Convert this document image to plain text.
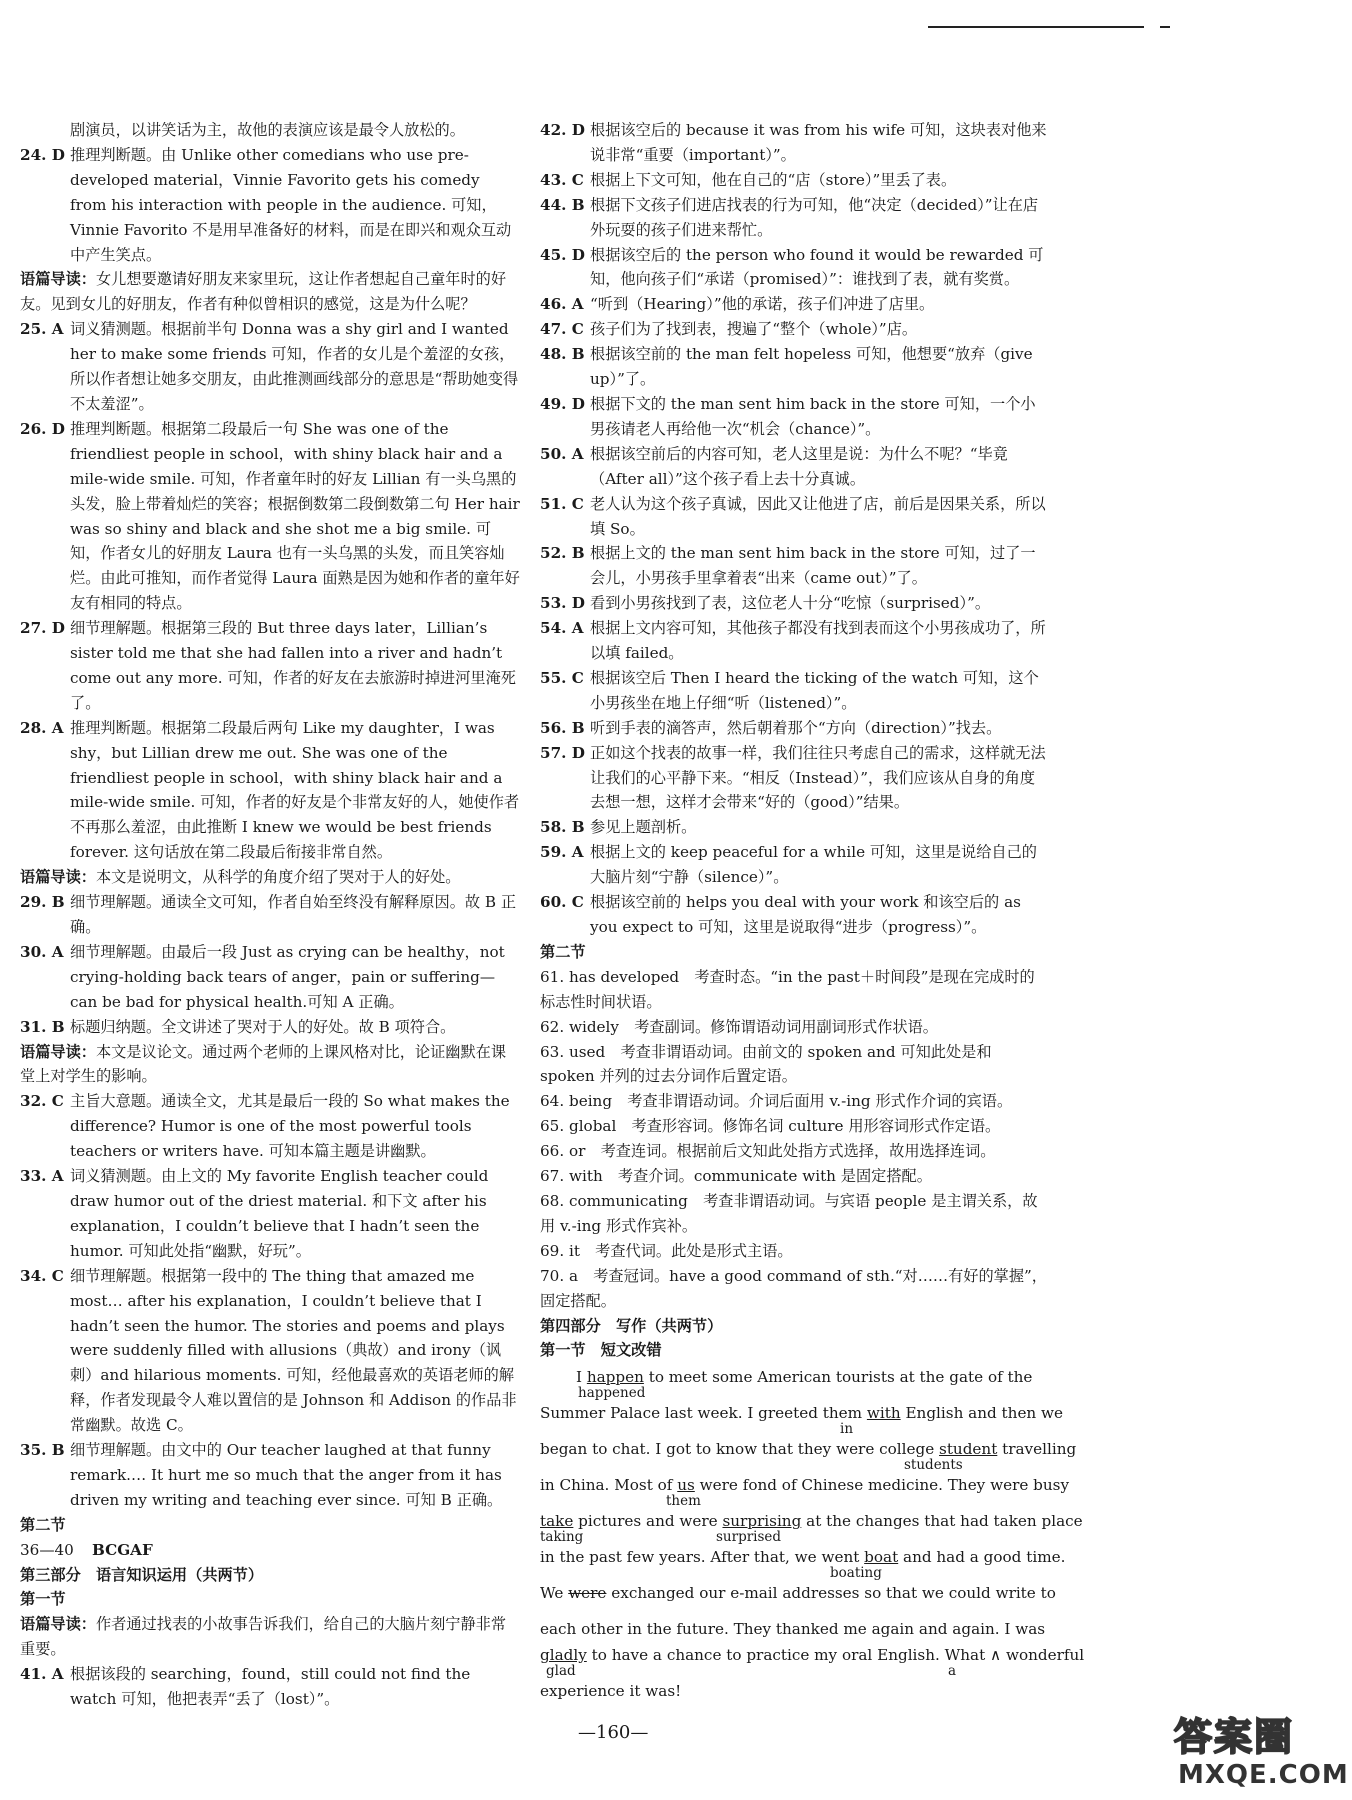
剧演员，以讲笑话为主，故他的表演应该是最令人放松的。
24. D 推理判断题。由 Unlike other comedians who use pre-developed material，Vinnie Favorito gets his comedy from his interaction with people in the audience. 可知，Vinnie Favorito 不是用早准备好的材料，而是在即兴和观众互动中产生笑点。
语篇导读：女儿想要邀请好朋友来家里玩，这让作者想起自己童年时的好友。见到女儿的好朋友，作者有种似曾相识的感觉，这是为什么呢？
25. A 词义猜测题。根据前半句 Donna was a shy girl and I wanted her to make some friends 可知，作者的女儿是个羞涩的女孩，所以作者想让她多交朋友，由此推测画线部分的意思是“帮助她变得不太羞涩”。
26. D 推理判断题。根据第二段最后一句 She was one of the friendliest people in school，with shiny black hair and a mile-wide smile. 可知，作者童年时的好友 Lillian 有一头乌黑的头发，脸上带着灿烂的笑容；根据倒数第二段倒数第二句 Her hair was so shiny and black and she shot me a big smile. 可知，作者女儿的好朋友 Laura 也有一头乌黑的头发，而且笑容灿烂。由此可推知，而作者觉得 Laura 面熟是因为她和作者的童年好友有相同的特点。
27. D 细节理解题。根据第三段的 But three days later，Lillian’s sister told me that she had fallen into a river and hadn’t come out any more. 可知，作者的好友在去旅游时掉进河里淹死了。
28. A 推理判断题。根据第二段最后两句 Like my daughter，I was shy，but Lillian drew me out. She was one of the friendliest people in school，with shiny black hair and a mile-wide smile. 可知，作者的好友是个非常友好的人，她使作者不再那么羞涩，由此推断 I knew we would be best friends forever. 这句话放在第二段最后衔接非常自然。
语篇导读：本文是说明文，从科学的角度介绍了哭对于人的好处。
29. B 细节理解题。通读全文可知，作者自始至终没有解释原因。故 B 正确。
30. A 细节理解题。由最后一段 Just as crying can be healthy，not crying-holding back tears of anger，pain or suffering—can be bad for physical health.可知 A 正确。
31. B 标题归纳题。全文讲述了哭对于人的好处。故 B 项符合。
语篇导读：本文是议论文。通过两个老师的上课风格对比，论证幽默在课堂上对学生的影响。
32. C 主旨大意题。通读全文，尤其是最后一段的 So what makes the difference? Humor is one of the most powerful tools teachers or writers have. 可知本篇主题是讲幽默。
33. A 词义猜测题。由上文的 My favorite English teacher could draw humor out of the driest material. 和下文 after his explanation，I couldn’t believe that I hadn’t seen the humor. 可知此处指“幽默，好玩”。
34. C 细节理解题。根据第一段中的 The thing that amazed me most… after his explanation，I couldn’t believe that I hadn’t seen the humor. The stories and poems and plays were suddenly filled with allusions（典故）and irony（讽刺）and hilarious moments. 可知，经他最喜欢的英语老师的解释，作者发现最令人难以置信的是 Johnson 和 Addison 的作品非常幽默。故选 C。
35. B 细节理解题。由文中的 Our teacher laughed at that funny remark.… It hurt me so much that the anger from it has driven my writing and teaching ever since. 可知 B 正确。
第二节
36—40	BCGAF
第三部分　语言知识运用（共两节）
第一节
语篇导读：作者通过找表的小故事告诉我们，给自己的大脑片刻宁静非常重要。
41. A 根据该段的 searching，found，still could not find the watch 可知，他把表弄“丢了（lost）”。
42. D 根据该空后的 because it was from his wife 可知，这块表对他来说非常“重要（important）”。
43. C 根据上下文可知，他在自己的“店（store）”里丢了表。
44. B 根据下文孩子们进店找表的行为可知，他“决定（decided）”让在店外玩耍的孩子们进来帮忙。
45. D 根据该空后的 the person who found it would be rewarded 可知，他向孩子们“承诺（promised）”：谁找到了表，就有奖赏。
46. A “听到（Hearing）”他的承诺，孩子们冲进了店里。
47. C 孩子们为了找到表，搜遍了“整个（whole）”店。
48. B 根据该空前的 the man felt hopeless 可知，他想要“放弃（give up）”了。
49. D 根据下文的 the man sent him back in the store 可知，一个小男孩请老人再给他一次“机会（chance）”。
50. A 根据该空前后的内容可知，老人这里是说：为什么不呢？“毕竟（After all）”这个孩子看上去十分真诚。
51. C 老人认为这个孩子真诚，因此又让他进了店，前后是因果关系，所以填 So。
52. B 根据上文的 the man sent him back in the store 可知，过了一会儿，小男孩手里拿着表“出来（came out）”了。
53. D 看到小男孩找到了表，这位老人十分“吃惊（surprised）”。
54. A 根据上文内容可知，其他孩子都没有找到表而这个小男孩成功了，所以填 failed。
55. C 根据该空后 Then I heard the ticking of the watch 可知，这个小男孩坐在地上仔细“听（listened）”。
56. B 听到手表的滴答声，然后朝着那个“方向（direction）”找去。
57. D 正如这个找表的故事一样，我们往往只考虑自己的需求，这样就无法让我们的心平静下来。“相反（Instead）”，我们应该从自身的角度去想一想，这样才会带来“好的（good）”结果。
58. B 参见上题剖析。
59. A 根据上文的 keep peaceful for a while 可知，这里是说给自己的大脑片刻“宁静（silence）”。
60. C 根据该空前的 helps you deal with your work 和该空后的 as you expect to 可知，这里是说取得“进步（progress）”。
第二节
61. has developed　 考查时态。“in the past＋时间段”是现在完成时的标志性时间状语。
62. widely　 考查副词。修饰谓语动词用副词形式作状语。
63. used　 考查非谓语动词。由前文的 spoken and 可知此处是和 spoken 并列的过去分词作后置定语。
64. being　 考查非谓语动词。介词后面用 v.-ing 形式作介词的宾语。
65. global　 考查形容词。修饰名词 culture 用形容词形式作定语。
66. or　 考查连词。根据前后文知此处指方式选择，故用选择连词。
67. with　 考查介词。communicate with 是固定搭配。
68. communicating　 考查非谓语动词。与宾语 people 是主谓关系，故用 v.-ing 形式作宾补。
69. it　 考查代词。此处是形式主语。
70. a　 考查冠词。have a good command of sth.“对……有好的掌握”，固定搭配。
第四部分　写作（共两节）
第一节　短文改错
I happen to meet some American tourists at the gate of the
happened
Summer Palace last week. I greeted them with English and then we
in
began to chat. I got to know that they were college student travelling
students
in China. Most of us were fond of Chinese medicine. They were busy
them
take pictures and were surprising at the changes that had taken place
taking	surprised
in the past few years. After that, we went boat and had a good time.
boating
We were exchanged our e-mail addresses so that we could write to
each other in the future. They thanked me again and again. I was
gladly to have a chance to practice my oral English. What ∧ wonderful
glad	a
experience it was!
—160—	答案圈
MXQE.COM
